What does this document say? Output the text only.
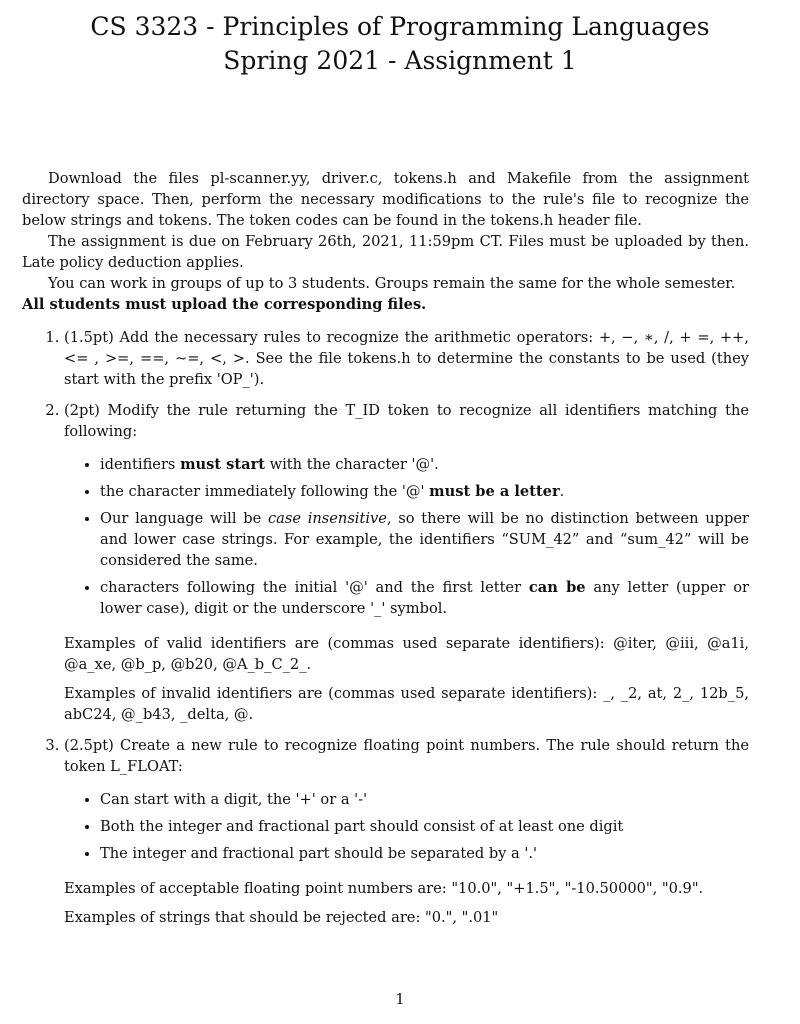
CS 3323 - Principles of Programming Languages
Spring 2021 - Assignment 1

Download the files pl-scanner.yy, driver.c, tokens.h and Makefile from the assignment directory space. Then, perform the necessary modifications to the rule's file to recognize the below strings and tokens. The token codes can be found in the tokens.h header file.

The assignment is due on February 26th, 2021, 11:59pm CT. Files must be uploaded by then. Late policy deduction applies.

You can work in groups of up to 3 students. Groups remain the same for the whole semester.

All students must upload the corresponding files.

1. (1.5pt) Add the necessary rules to recognize the arithmetic operators: +, −, ∗, /, + =, ++, <= , >=, ==, ~=, <, >. See the file tokens.h to determine the constants to be used (they start with the prefix 'OP_').
2. (2pt) Modify the rule returning the T_ID token to recognize all identifiers matching the following:
• identifiers must start with the character '@'.
• the character immediately following the '@' must be a letter.
• Our language will be case insensitive, so there will be no distinction between upper and lower case strings. For example, the identifiers “SUM_42” and “sum_42” will be considered the same.
• characters following the initial '@' and the first letter can be any letter (upper or lower case), digit or the underscore '_' symbol.

Examples of valid identifiers are (commas used separate identifiers): @iter, @iii, @a1i, @a_xe, @b_p, @b20, @A_b_C_2_.

Examples of invalid identifiers are (commas used separate identifiers): _, _2, at, 2_, 12b_5, abC24, @_b43, _delta, @.

3. (2.5pt) Create a new rule to recognize floating point numbers. The rule should return the token L_FLOAT:
• Can start with a digit, the '+' or a '-'
• Both the integer and fractional part should consist of at least one digit
• The integer and fractional part should be separated by a '.'

Examples of acceptable floating point numbers are: "10.0", "+1.5", "-10.50000", "0.9".

Examples of strings that should be rejected are: "0.", ".01"

1
